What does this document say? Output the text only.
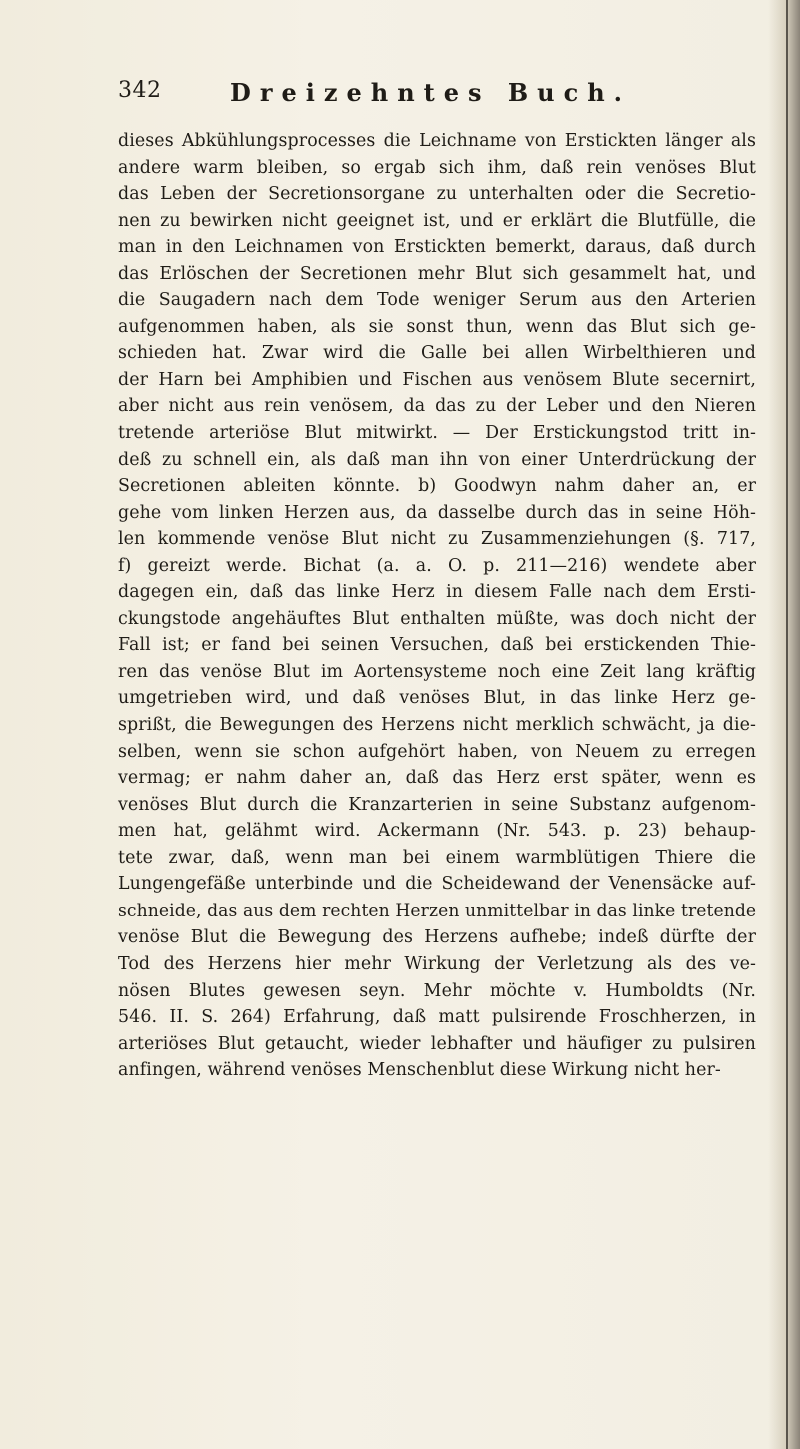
342	Dreizehntes Buch.
dieses Abkühlungsprocesses die Leichname von Erstickten länger als
andere warm bleiben, so ergab sich ihm, daß rein venöses Blut
das Leben der Secretionsorgane zu unterhalten oder die Secretio-
nen zu bewirken nicht geeignet ist, und er erklärt die Blutfülle, die
man in den Leichnamen von Erstickten bemerkt, daraus, daß durch
das Erlöschen der Secretionen mehr Blut sich gesammelt hat, und
die Saugadern nach dem Tode weniger Serum aus den Arterien
aufgenommen haben, als sie sonst thun, wenn das Blut sich ge-
schieden hat. Zwar wird die Galle bei allen Wirbelthieren und
der Harn bei Amphibien und Fischen aus venösem Blute secernirt,
aber nicht aus rein venösem, da das zu der Leber und den Nieren
tretende arteriöse Blut mitwirkt. — Der Erstickungstod tritt in-
deß zu schnell ein, als daß man ihn von einer Unterdrückung der
Secretionen ableiten könnte. b) Goodwyn nahm daher an, er
gehe vom linken Herzen aus, da dasselbe durch das in seine Höh-
len kommende venöse Blut nicht zu Zusammenziehungen (§. 717,
f) gereizt werde. Bichat (a. a. O. p. 211—216) wendete aber
dagegen ein, daß das linke Herz in diesem Falle nach dem Ersti-
ckungstode angehäuftes Blut enthalten müßte, was doch nicht der
Fall ist; er fand bei seinen Versuchen, daß bei erstickenden Thie-
ren das venöse Blut im Aortensysteme noch eine Zeit lang kräftig
umgetrieben wird, und daß venöses Blut, in das linke Herz ge-
sprißt, die Bewegungen des Herzens nicht merklich schwächt, ja die-
selben, wenn sie schon aufgehört haben, von Neuem zu erregen
vermag; er nahm daher an, daß das Herz erst später, wenn es
venöses Blut durch die Kranzarterien in seine Substanz aufgenom-
men hat, gelähmt wird. Ackermann (Nr. 543. p. 23) behaup-
tete zwar, daß, wenn man bei einem warmblütigen Thiere die
Lungengefäße unterbinde und die Scheidewand der Venensäcke auf-
schneide, das aus dem rechten Herzen unmittelbar in das linke tretende
venöse Blut die Bewegung des Herzens aufhebe; indeß dürfte der
Tod des Herzens hier mehr Wirkung der Verletzung als des ve-
nösen Blutes gewesen seyn. Mehr möchte v. Humboldts (Nr.
546. II. S. 264) Erfahrung, daß matt pulsirende Froschherzen, in
arteriöses Blut getaucht, wieder lebhafter und häufiger zu pulsiren
anfingen, während venöses Menschenblut diese Wirkung nicht her-
